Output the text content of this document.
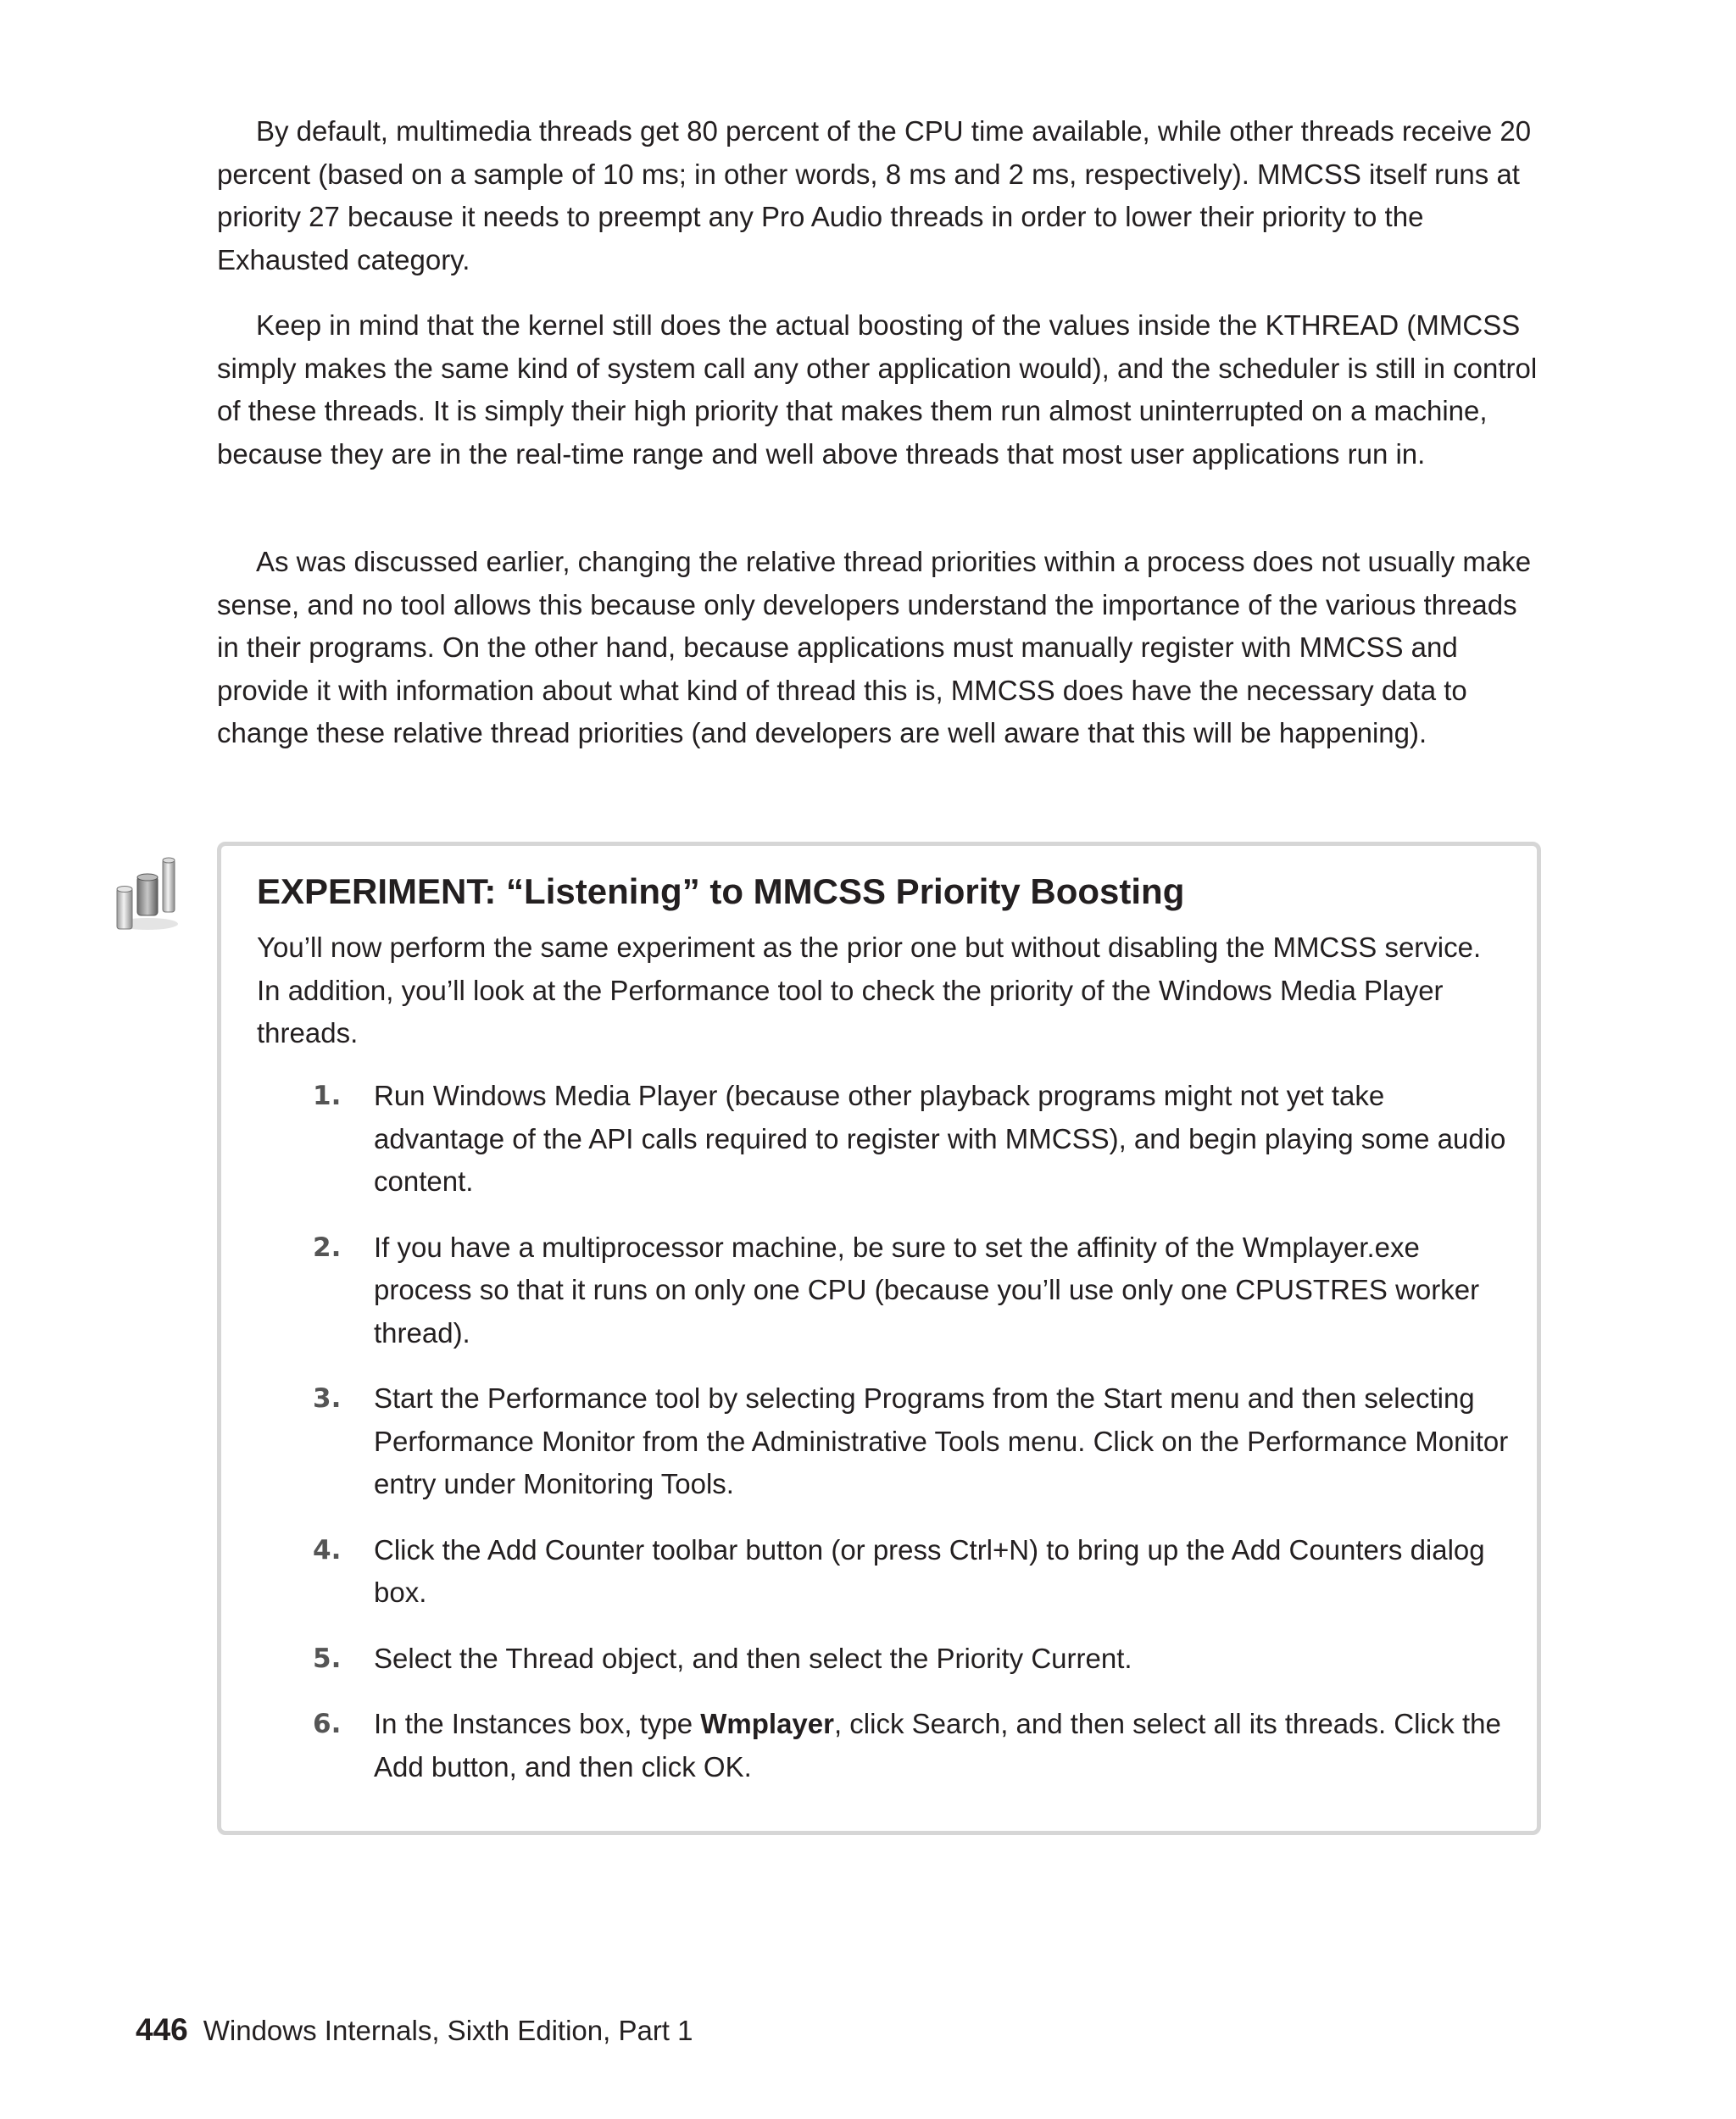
By default, multimedia threads get 80 percent of the CPU time available, while other threads receive 20 percent (based on a sample of 10 ms; in other words, 8 ms and 2 ms, respectively). MMCSS itself runs at priority 27 because it needs to preempt any Pro Audio threads in order to lower their priority to the Exhausted category.

Keep in mind that the kernel still does the actual boosting of the values inside the KTHREAD (MMCSS simply makes the same kind of system call any other application would), and the scheduler is still in control of these threads. It is simply their high priority that makes them run almost uninterrupted on a machine, because they are in the real-time range and well above threads that most user applications run in.

As was discussed earlier, changing the relative thread priorities within a process does not usually make sense, and no tool allows this because only developers understand the importance of the various threads in their programs. On the other hand, because applications must manually register with MMCSS and provide it with information about what kind of thread this is, MMCSS does have the necessary data to change these relative thread priorities (and developers are well aware that this will be happening).

EXPERIMENT: “Listening” to MMCSS Priority Boosting

You’ll now perform the same experiment as the prior one but without disabling the MMCSS service. In addition, you’ll look at the Performance tool to check the priority of the Windows Media Player threads.

1. Run Windows Media Player (because other playback programs might not yet take advantage of the API calls required to register with MMCSS), and begin playing some audio content.
2. If you have a multiprocessor machine, be sure to set the affinity of the Wmplayer.exe process so that it runs on only one CPU (because you’ll use only one CPUSTRES worker thread).
3. Start the Performance tool by selecting Programs from the Start menu and then selecting Performance Monitor from the Administrative Tools menu. Click on the Performance Monitor entry under Monitoring Tools.
4. Click the Add Counter toolbar button (or press Ctrl+N) to bring up the Add Counters dialog box.
5. Select the Thread object, and then select the Priority Current.
6. In the Instances box, type Wmplayer, click Search, and then select all its threads. Click the Add button, and then click OK.
446 Windows Internals, Sixth Edition, Part 1
